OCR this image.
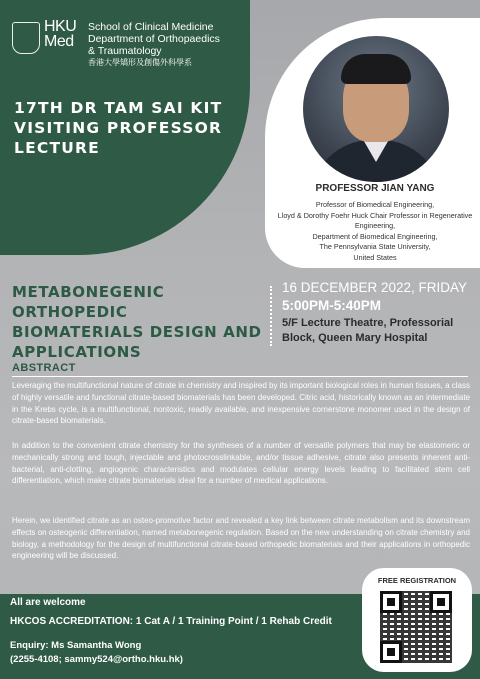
HKU
Med
School of Clinical Medicine
Department of Orthopaedics
& Traumatology
香港大學矯形及創傷外科學系
17TH DR TAM SAI KIT VISITING PROFESSOR LECTURE
PROFESSOR JIAN YANG
Professor of Biomedical Engineering,
Lloyd & Dorothy Foehr Huck Chair Professor in Regenerative Engineering,
Department of Biomedical Engineering,
The Pennsylvania State University,
United States
METABONEGENIC ORTHOPEDIC BIOMATERIALS DESIGN AND APPLICATIONS
16 DECEMBER 2022, FRIDAY
5:00PM-5:40PM
5/F Lecture Theatre, Professorial Block, Queen Mary Hospital
ABSTRACT
Leveraging the multifunctional nature of citrate in chemistry and inspired by its important biological roles in human tissues, a class of highly versatile and functional citrate-based biomaterials has been developed. Citric acid, historically known as an intermediate in the Krebs cycle, is a multifunctional, nontoxic, readily available, and inexpensive cornerstone monomer used in the design of citrate-based biomaterials.
In addition to the convenient citrate chemistry for the syntheses of a number of versatile polymers that may be elastomeric or mechanically strong and tough, injectable and photocrosslinkable, and/or tissue adhesive, citrate also presents inherent anti-bacterial, anti-clotting, angiogenic characteristics and modulates cellular energy levels leading to facilitated stem cell differentiation, which make citrate biomaterials ideal for a number of medical applications.
Herein, we identified citrate as an osteo-promotive factor and revealed a key link between citrate metabolism and its downstream effects on osteogenic differentiation, named metabonegenic regulation. Based on the new understanding on citrate chemistry and biology, a methodology for the design of multifunctional citrate-based orthopedic biomaterials and their applications in orthopedic engineering will be discussed.
All are welcome
HKCOS ACCREDITATION: 1 Cat A / 1 Training Point / 1 Rehab Credit
Enquiry: Ms Samantha Wong
(2255-4108; sammy524@ortho.hku.hk)
FREE REGISTRATION
